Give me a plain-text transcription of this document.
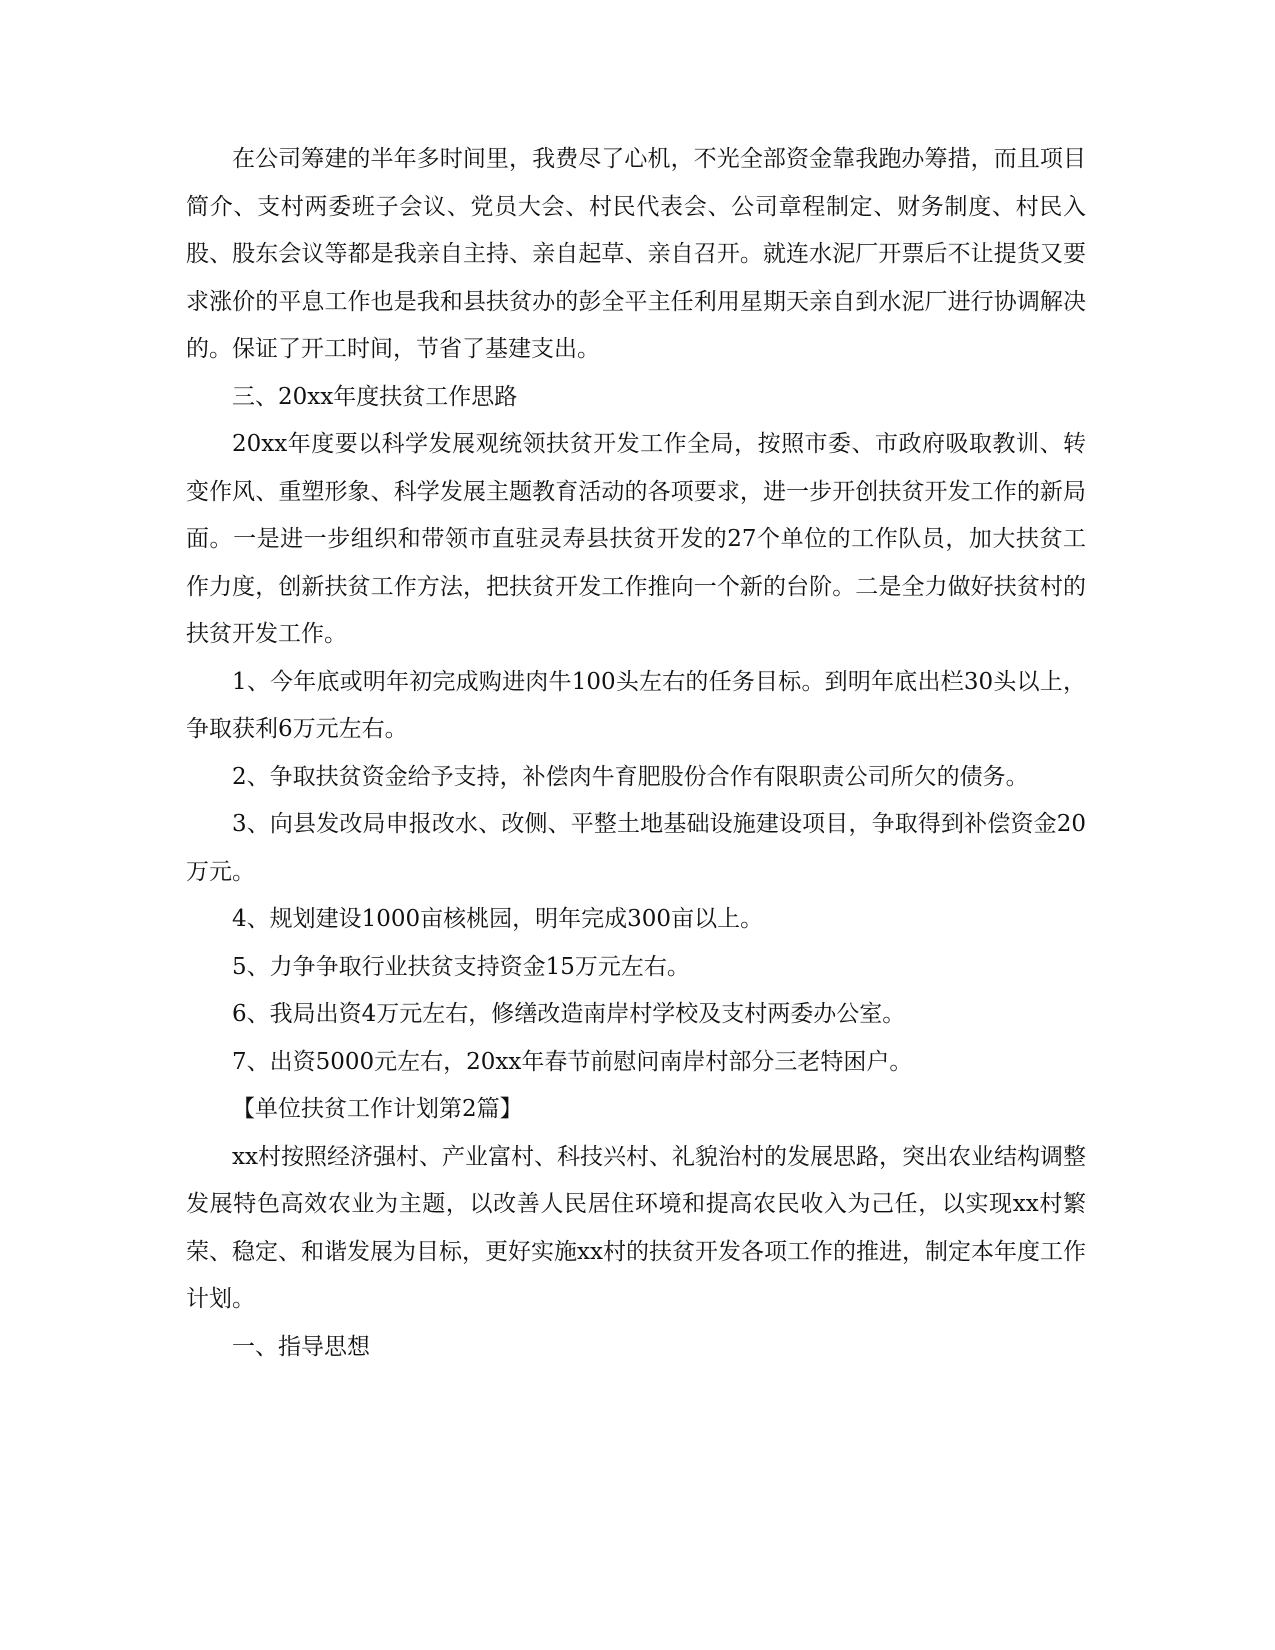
在公司筹建的半年多时间里，我费尽了心机，不光全部资金靠我跑办筹措，而且项目简介、支村两委班子会议、党员大会、村民代表会、公司章程制定、财务制度、村民入股、股东会议等都是我亲自主持、亲自起草、亲自召开。就连水泥厂开票后不让提货又要求涨价的平息工作也是我和县扶贫办的彭全平主任利用星期天亲自到水泥厂进行协调解决的。保证了开工时间，节省了基建支出。

三、20xx年度扶贫工作思路

20xx年度要以科学发展观统领扶贫开发工作全局，按照市委、市政府吸取教训、转变作风、重塑形象、科学发展主题教育活动的各项要求，进一步开创扶贫开发工作的新局面。一是进一步组织和带领市直驻灵寿县扶贫开发的27个单位的工作队员，加大扶贫工作力度，创新扶贫工作方法，把扶贫开发工作推向一个新的台阶。二是全力做好扶贫村的扶贫开发工作。

1、今年底或明年初完成购进肉牛100头左右的任务目标。到明年底出栏30头以上，争取获利6万元左右。

2、争取扶贫资金给予支持，补偿肉牛育肥股份合作有限职责公司所欠的债务。

3、向县发改局申报改水、改侧、平整土地基础设施建设项目，争取得到补偿资金20万元。

4、规划建设1000亩核桃园，明年完成300亩以上。

5、力争争取行业扶贫支持资金15万元左右。

6、我局出资4万元左右，修缮改造南岸村学校及支村两委办公室。

7、出资5000元左右，20xx年春节前慰问南岸村部分三老特困户。

【单位扶贫工作计划第2篇】

xx村按照经济强村、产业富村、科技兴村、礼貌治村的发展思路，突出农业结构调整发展特色高效农业为主题，以改善人民居住环境和提高农民收入为己任，以实现xx村繁荣、稳定、和谐发展为目标，更好实施xx村的扶贫开发各项工作的推进，制定本年度工作计划。

一、指导思想
